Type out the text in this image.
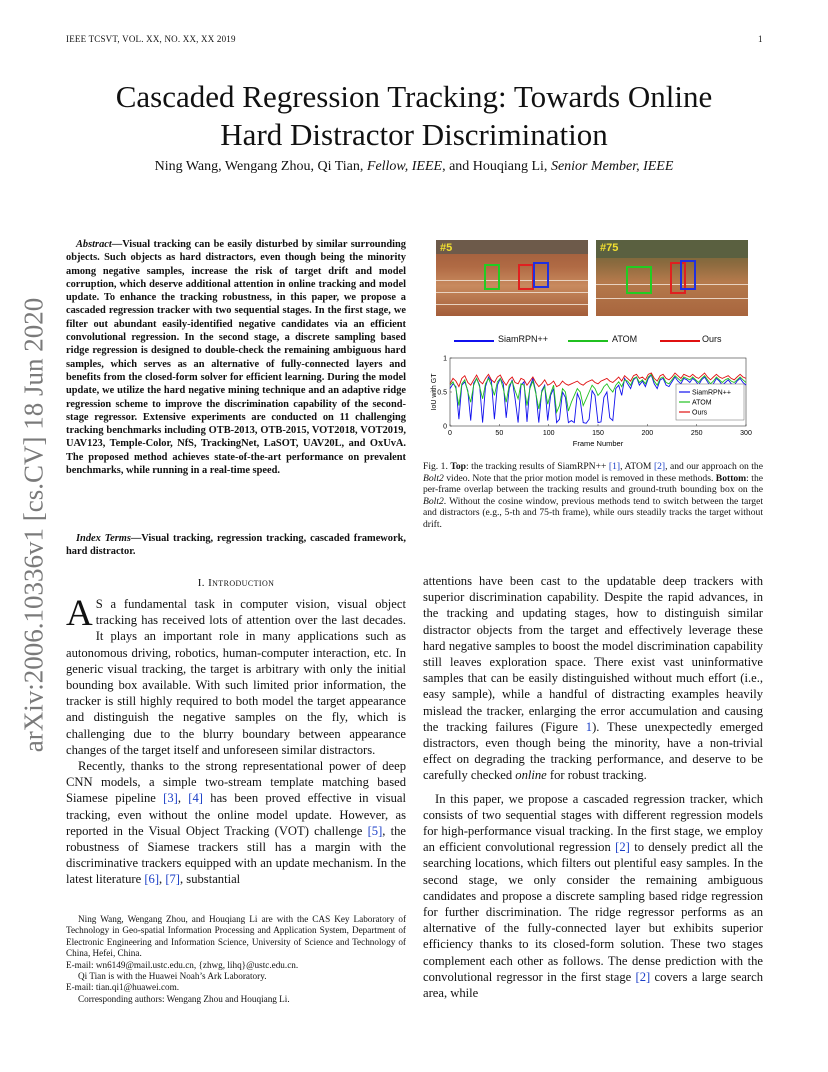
IEEE TCSVT, VOL. XX, NO. XX, XX 2019	1
arXiv:2006.10336v1 [cs.CV] 18 Jun 2020
Cascaded Regression Tracking: Towards Online
Hard Distractor Discrimination
Ning Wang, Wengang Zhou, Qi Tian, Fellow, IEEE, and Houqiang Li, Senior Member, IEEE
Abstract—Visual tracking can be easily disturbed by similar surrounding objects. Such objects as hard distractors, even though being the minority among negative samples, increase the risk of target drift and model corruption, which deserve additional attention in online tracking and model update. To enhance the tracking robustness, in this paper, we propose a cascaded regression tracker with two sequential stages. In the first stage, we filter out abundant easily-identified negative candidates via an efficient convolutional regression. In the second stage, a discrete sampling based ridge regression is designed to double-check the remaining ambiguous hard samples, which serves as an alternative of fully-connected layers and benefits from the closed-form solver for efficient learning. During the model update, we utilize the hard negative mining technique and an adaptive ridge regression scheme to improve the discrimination capability of the second-stage regressor. Extensive experiments are conducted on 11 challenging tracking benchmarks including OTB-2013, OTB-2015, VOT2018, VOT2019, UAV123, Temple-Color, NfS, TrackingNet, LaSOT, UAV20L, and OxUvA. The proposed method achieves state-of-the-art performance on prevalent benchmarks, while running in a real-time speed.
Index Terms—Visual tracking, regression tracking, cascaded framework, hard distractor.
I. Introduction

A S a fundamental task in computer vision, visual object tracking has received lots of attention over the last decades. It plays an important role in many applications such as autonomous driving, robotics, human-computer interaction, etc. In generic visual tracking, the target is arbitrary with only the initial bounding box available. With such limited prior information, the tracker is still highly required to both model the target appearance and distinguish the negative samples on the fly, which is challenging due to the blurry boundary between appearance changes of the target itself and unforeseen similar distractors.

Recently, thanks to the strong representational power of deep CNN models, a simple two-stream template matching based Siamese pipeline [3], [4] has been proved effective in visual tracking, even without the online model update. However, as reported in the Visual Object Tracking (VOT) challenge [5], the robustness of Siamese trackers still has a margin with the discriminative trackers equipped with an update mechanism. In the latest literature [6], [7], substantial

Ning Wang, Wengang Zhou, and Houqiang Li are with the CAS Key Laboratory of Technology in Geo-spatial Information Processing and Application System, Department of Electronic Engineering and Information Science, University of Science and Technology of China, Hefei, China.

E-mail: wn6149@mail.ustc.edu.cn, {zhwg, lihq}@ustc.edu.cn.

Qi Tian is with the Huawei Noah’s Ark Laboratory.

E-mail: tian.qi1@huawei.com.

Corresponding authors: Wengang Zhou and Houqiang Li.

#5	#75
SiamRPN++	ATOM	Ours
0	50	100	150	200	250	300
0
0.5
1
Frame Number
IoU with GT	SiamRPN++
ATOM
Ours
Fig. 1. Top: the tracking results of SiamRPN++ [1], ATOM [2], and our approach on the Bolt2 video. Note that the prior motion model is removed in these methods. Bottom: the per-frame overlap between the tracking results and ground-truth bounding box on the Bolt2. Without the cosine window, previous methods tend to switch between the target and distractors (e.g., 5-th and 75-th frame), while ours steadily tracks the target without drift.

attentions have been cast to the updatable deep trackers with superior discrimination capability. Despite the rapid advances, in the tracking and updating stages, how to distinguish similar distractor objects from the target and effectively leverage these hard negative samples to boost the model discrimination capability still leaves exploration space. There exist vast uninformative samples that can be easily distinguished without much effort (i.e., easy sample), while a handful of distracting examples heavily mislead the tracker, enlarging the error accumulation and causing the tracking failures (Figure 1). These unexpectedly emerged distractors, even though being the minority, have a non-trivial effect on degrading the tracking performance, and deserve to be carefully checked online for robust tracking.

In this paper, we propose a cascaded regression tracker, which consists of two sequential stages with different regression models for high-performance visual tracking. In the first stage, we employ an efficient convolutional regression [2] to densely predict all the searching locations, which filters out plentiful easy samples. In the second stage, we only consider the remaining ambiguous candidates and propose a discrete sampling based ridge regression for further discrimination. The ridge regressor performs as an alternative of the fully-connected layer but exhibits superior efficiency thanks to its closed-form solution. These two stages complement each other as follows. The dense prediction with the convolutional regressor in the first stage [2] covers a large search area, while
